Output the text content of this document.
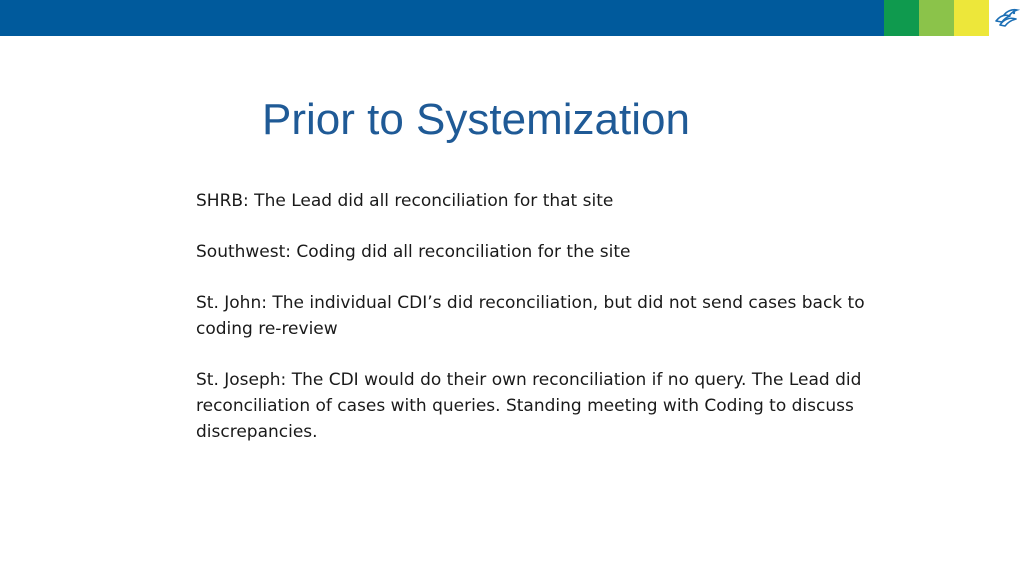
Prior to Systemization

SHRB: The Lead did all reconciliation for that site

Southwest: Coding did all reconciliation for the site

St. John: The individual CDI’s did reconciliation, but did not send cases back to coding re-review

St. Joseph: The CDI would do their own reconciliation if no query. The Lead did reconciliation of cases with queries. Standing meeting with Coding to discuss discrepancies.
